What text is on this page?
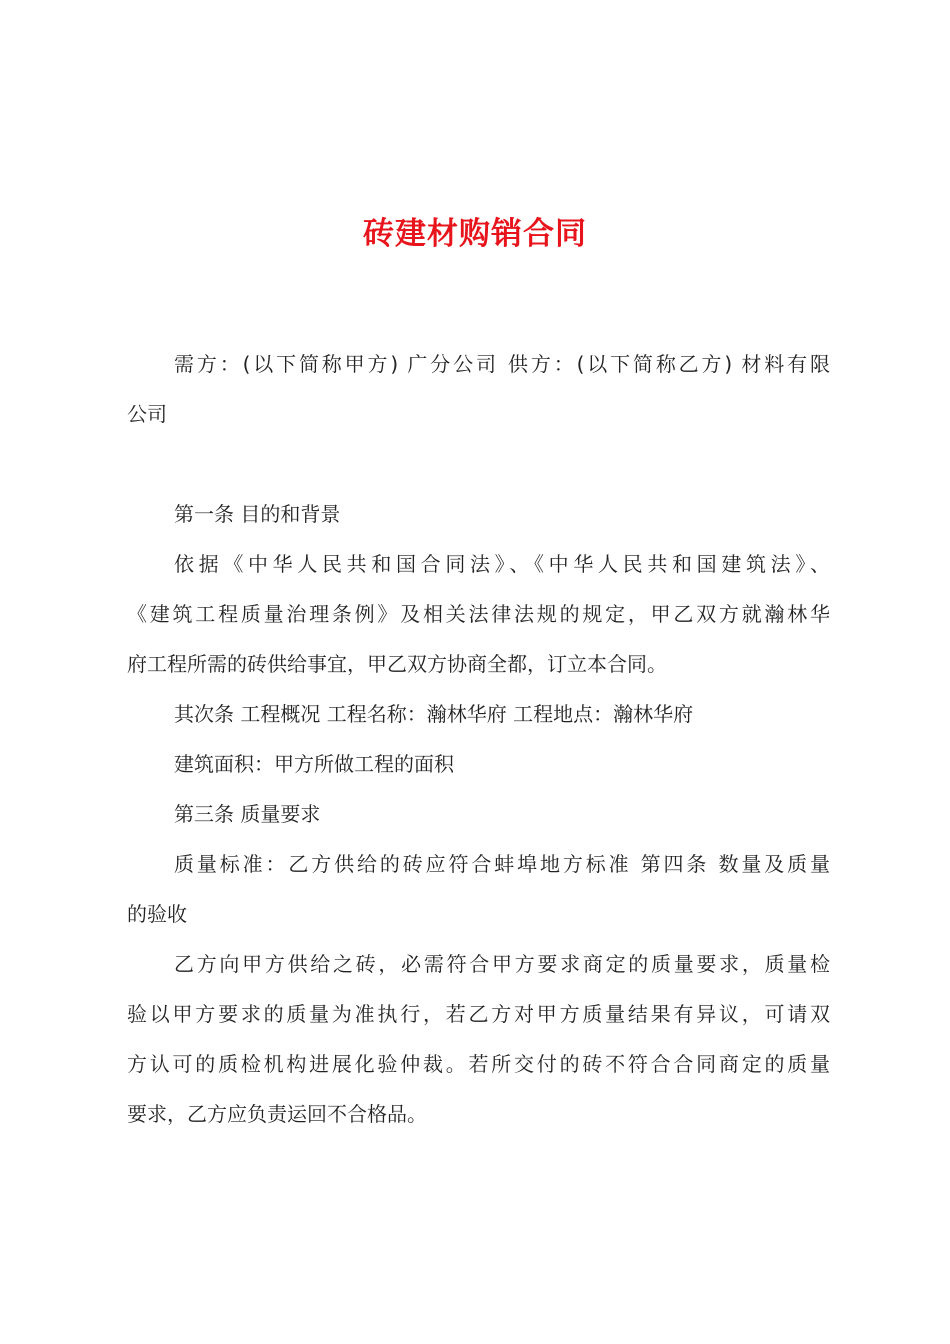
砖建材购销合同

需方：(以下简称甲方) 广分公司 供方：(以下简称乙方) 材料有限

公司

第一条 目的和背景

依据《中华人民共和国合同法》、《中华人民共和国建筑法》、

《建筑工程质量治理条例》及相关法律法规的规定，甲乙双方就瀚林华

府工程所需的砖供给事宜，甲乙双方协商全都，订立本合同。

其次条 工程概况 工程名称：瀚林华府 工程地点：瀚林华府

建筑面积：甲方所做工程的面积

第三条 质量要求

质量标准：乙方供给的砖应符合蚌埠地方标准 第四条 数量及质量

的验收

乙方向甲方供给之砖，必需符合甲方要求商定的质量要求，质量检

验以甲方要求的质量为准执行，若乙方对甲方质量结果有异议，可请双

方认可的质检机构进展化验仲裁。若所交付的砖不符合合同商定的质量

要求，乙方应负责运回不合格品。
